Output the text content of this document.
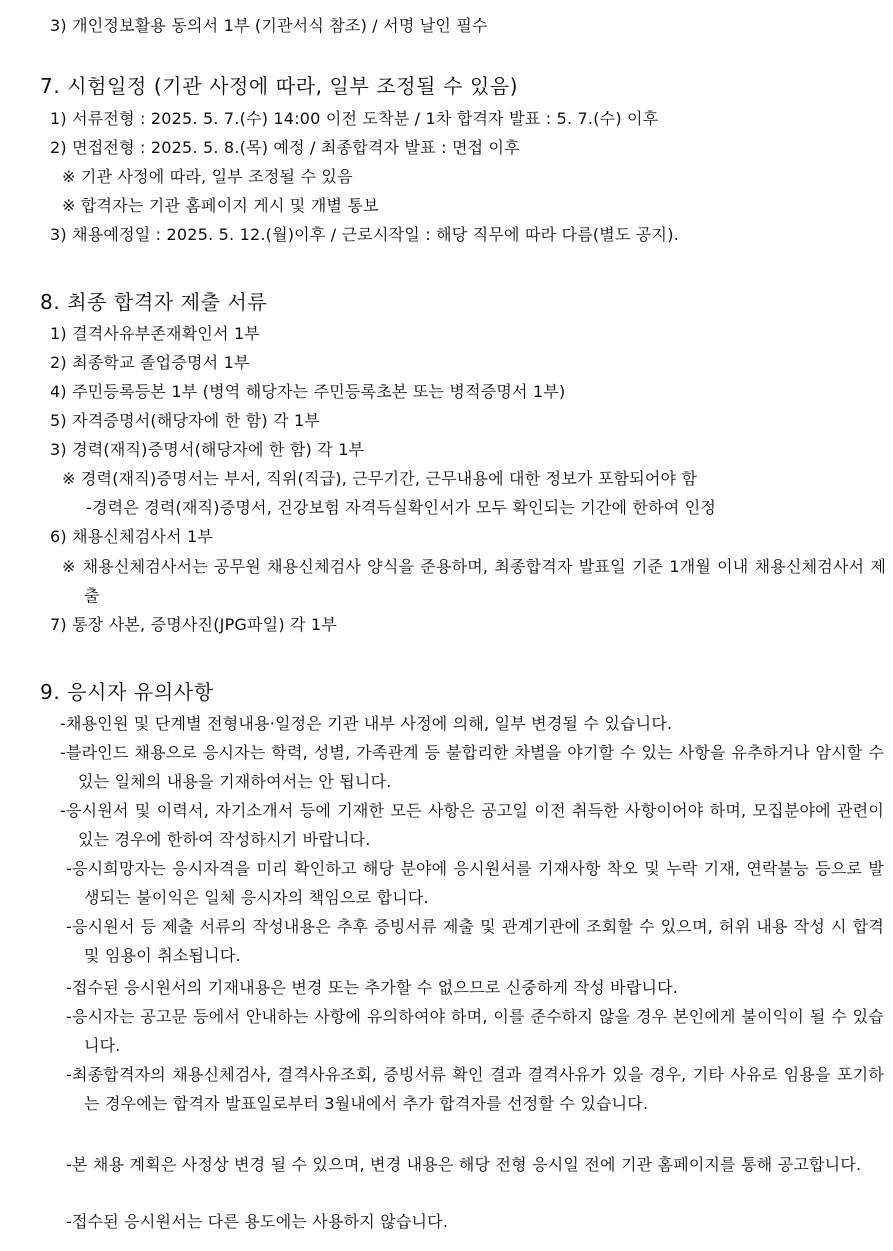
3) 개인정보활용 동의서 1부 (기관서식 참조) / 서명 날인 필수
7. 시험일정 (기관 사정에 따라, 일부 조정될 수 있음)
1) 서류전형 : 2025. 5. 7.(수) 14:00 이전 도착분 / 1차 합격자 발표 : 5. 7.(수) 이후
2) 면접전형 : 2025. 5. 8.(목) 예정 / 최종합격자 발표 : 면접 이후
※ 기관 사정에 따라, 일부 조정될 수 있음
※ 합격자는 기관 홈페이지 게시 및 개별 통보
3) 채용예정일 : 2025. 5. 12.(월)이후 / 근로시작일 : 해당 직무에 따라 다름(별도 공지).
8. 최종 합격자 제출 서류
1) 결격사유부존재확인서 1부
2) 최종학교 졸업증명서 1부
4) 주민등록등본 1부 (병역 해당자는 주민등록초본 또는 병적증명서 1부)
5) 자격증명서(해당자에 한 함) 각 1부
3) 경력(재직)증명서(해당자에 한 함) 각 1부
※ 경력(재직)증명서는 부서, 직위(직급), 근무기간, 근무내용에 대한 정보가 포함되어야 함
-경력은 경력(재직)증명서, 건강보험 자격득실확인서가 모두 확인되는 기간에 한하여 인정
6) 채용신체검사서 1부
※ 채용신체검사서는 공무원 채용신체검사 양식을 준용하며, 최종합격자 발표일 기준 1개월 이내 채용신체검사서 제출
7) 통장 사본, 증명사진(JPG파일) 각 1부
9. 응시자 유의사항
-채용인원 및 단계별 전형내용·일정은 기관 내부 사정에 의해, 일부 변경될 수 있습니다.
-블라인드 채용으로 응시자는 학력, 성별, 가족관계 등 불합리한 차별을 야기할 수 있는 사항을 유추하거나 암시할 수 있는 일체의 내용을 기재하여서는 안 됩니다.
-응시원서 및 이력서, 자기소개서 등에 기재한 모든 사항은 공고일 이전 취득한 사항이어야 하며, 모집분야에 관련이 있는 경우에 한하여 작성하시기 바랍니다.
-응시희망자는 응시자격을 미리 확인하고 해당 분야에 응시원서를 기재사항 착오 및 누락 기재, 연락불능 등으로 발생되는 불이익은 일체 응시자의 책임으로 합니다.
-응시원서 등 제출 서류의 작성내용은 추후 증빙서류 제출 및 관계기관에 조회할 수 있으며, 허위 내용 작성 시 합격 및 임용이 취소됩니다.
-접수된 응시원서의 기재내용은 변경 또는 추가할 수 없으므로 신중하게 작성 바랍니다.
-응시자는 공고문 등에서 안내하는 사항에 유의하여야 하며, 이를 준수하지 않을 경우 본인에게 불이익이 될 수 있습니다.
-최종합격자의 채용신체검사, 결격사유조회, 증빙서류 확인 결과 결격사유가 있을 경우, 기타 사유로 임용을 포기하는 경우에는 합격자 발표일로부터 3월내에서 추가 합격자를 선정할 수 있습니다.
-본 채용 계획은 사정상 변경 될 수 있으며, 변경 내용은 해당 전형 응시일 전에 기관 홈페이지를 통해 공고합니다.
-접수된 응시원서는 다른 용도에는 사용하지 않습니다.
